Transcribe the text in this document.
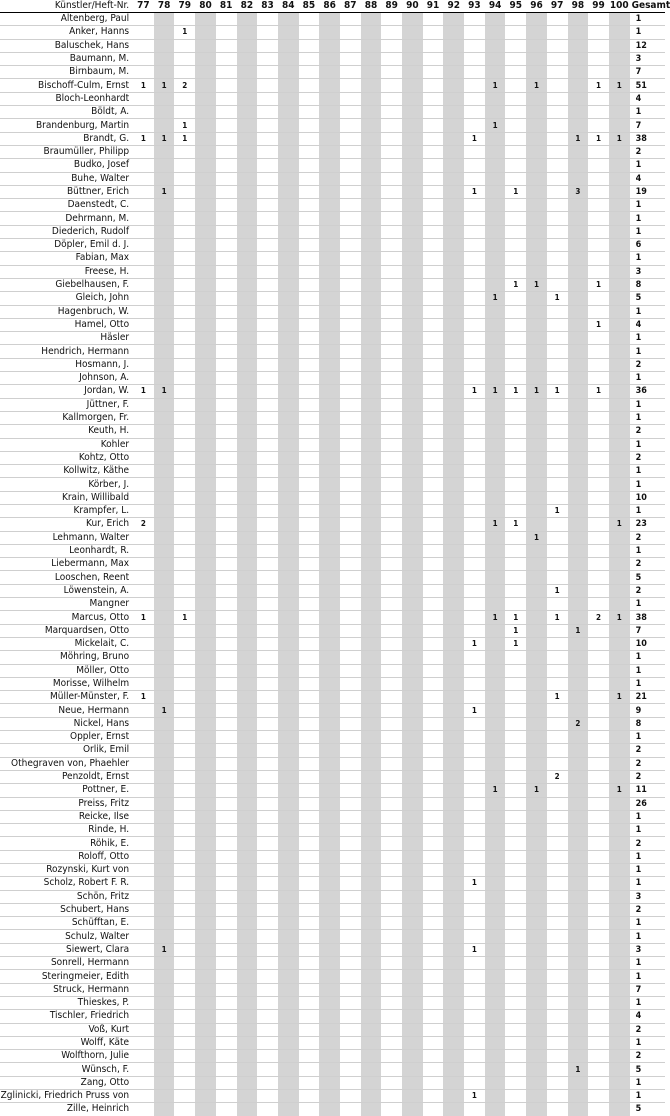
Künstler/Heft-Nr.	77	78	79	80	81	82	83	84	85	86	87	88	89	90	91	92	93	94	95	96	97	98	99	100	Gesamt
Altenberg, Paul																									1
Anker, Hanns			1																						1
Baluschek, Hans																									12
Baumann, M.																									3
Birnbaum, M.																									7
Bischoff-Culm, Ernst	1	1	2															1		1			1	1	51
Bloch-Leonhardt																									4
Böldt, A.																									1
Brandenburg, Martin			1															1							7
Brandt, G.	1	1	1														1					1	1	1	38
Braumüller, Philipp																									2
Budko, Josef																									1
Buhe, Walter																									4
Büttner, Erich		1															1		1			3			19
Daenstedt, C.																									1
Dehrmann, M.																									1
Diederich, Rudolf																									1
Döpler, Emil d. J.																									6
Fabian, Max																									1
Freese, H.																									3
Giebelhausen, F.																			1	1			1		8
Gleich, John																		1			1				5
Hagenbruch, W.																									1
Hamel, Otto																							1		4
Häsler																									1
Hendrich, Hermann																									1
Hosmann, J.																									2
Johnson, A.																									1
Jordan, W.	1	1															1	1	1	1	1		1		36
Jüttner, F.																									1
Kallmorgen, Fr.																									1
Keuth, H.																									2
Kohler																									1
Kohtz, Otto																									2
Kollwitz, Käthe																									1
Körber, J.																									1
Krain, Willibald																									10
Krampfer, L.																					1				1
Kur, Erich	2																	1	1					1	23
Lehmann, Walter																				1					2
Leonhardt, R.																									1
Liebermann, Max																									2
Looschen, Reent																									5
Löwenstein, A.																					1				2
Mangner																									1
Marcus, Otto	1		1															1	1		1		2	1	38
Marquardsen, Otto																			1			1			7
Mickelait, C.																	1		1						10
Möhring, Bruno																									1
Möller, Otto																									1
Morisse, Wilhelm																									1
Müller-Münster, F.	1																				1			1	21
Neue, Hermann		1															1								9
Nickel, Hans																						2			8
Oppler, Ernst																									1
Orlik, Emil																									2
Othegraven von, Phaehler																									2
Penzoldt, Ernst																					2				2
Pottner, E.																		1		1				1	11
Preiss, Fritz																									26
Reicke, Ilse																									1
Rinde, H.																									1
Röhik, E.																									2
Roloff, Otto																									1
Rozynski, Kurt von																									1
Scholz, Robert F. R.																	1								1
Schön, Fritz																									3
Schubert, Hans																									2
Schüfftan, E.																									1
Schulz, Walter																									1
Siewert, Clara		1															1								3
Sonrell, Hermann																									1
Steringmeier, Edith																									1
Struck, Hermann																									7
Thieskes, P.																									1
Tischler, Friedrich																									4
Voß, Kurt																									2
Wolff, Käte																									1
Wolfthorn, Julie																									2
Wünsch, F.																						1			5
Zang, Otto																									1
Zglinicki, Friedrich Pruss von																	1								1
Zille, Heinrich																									5
